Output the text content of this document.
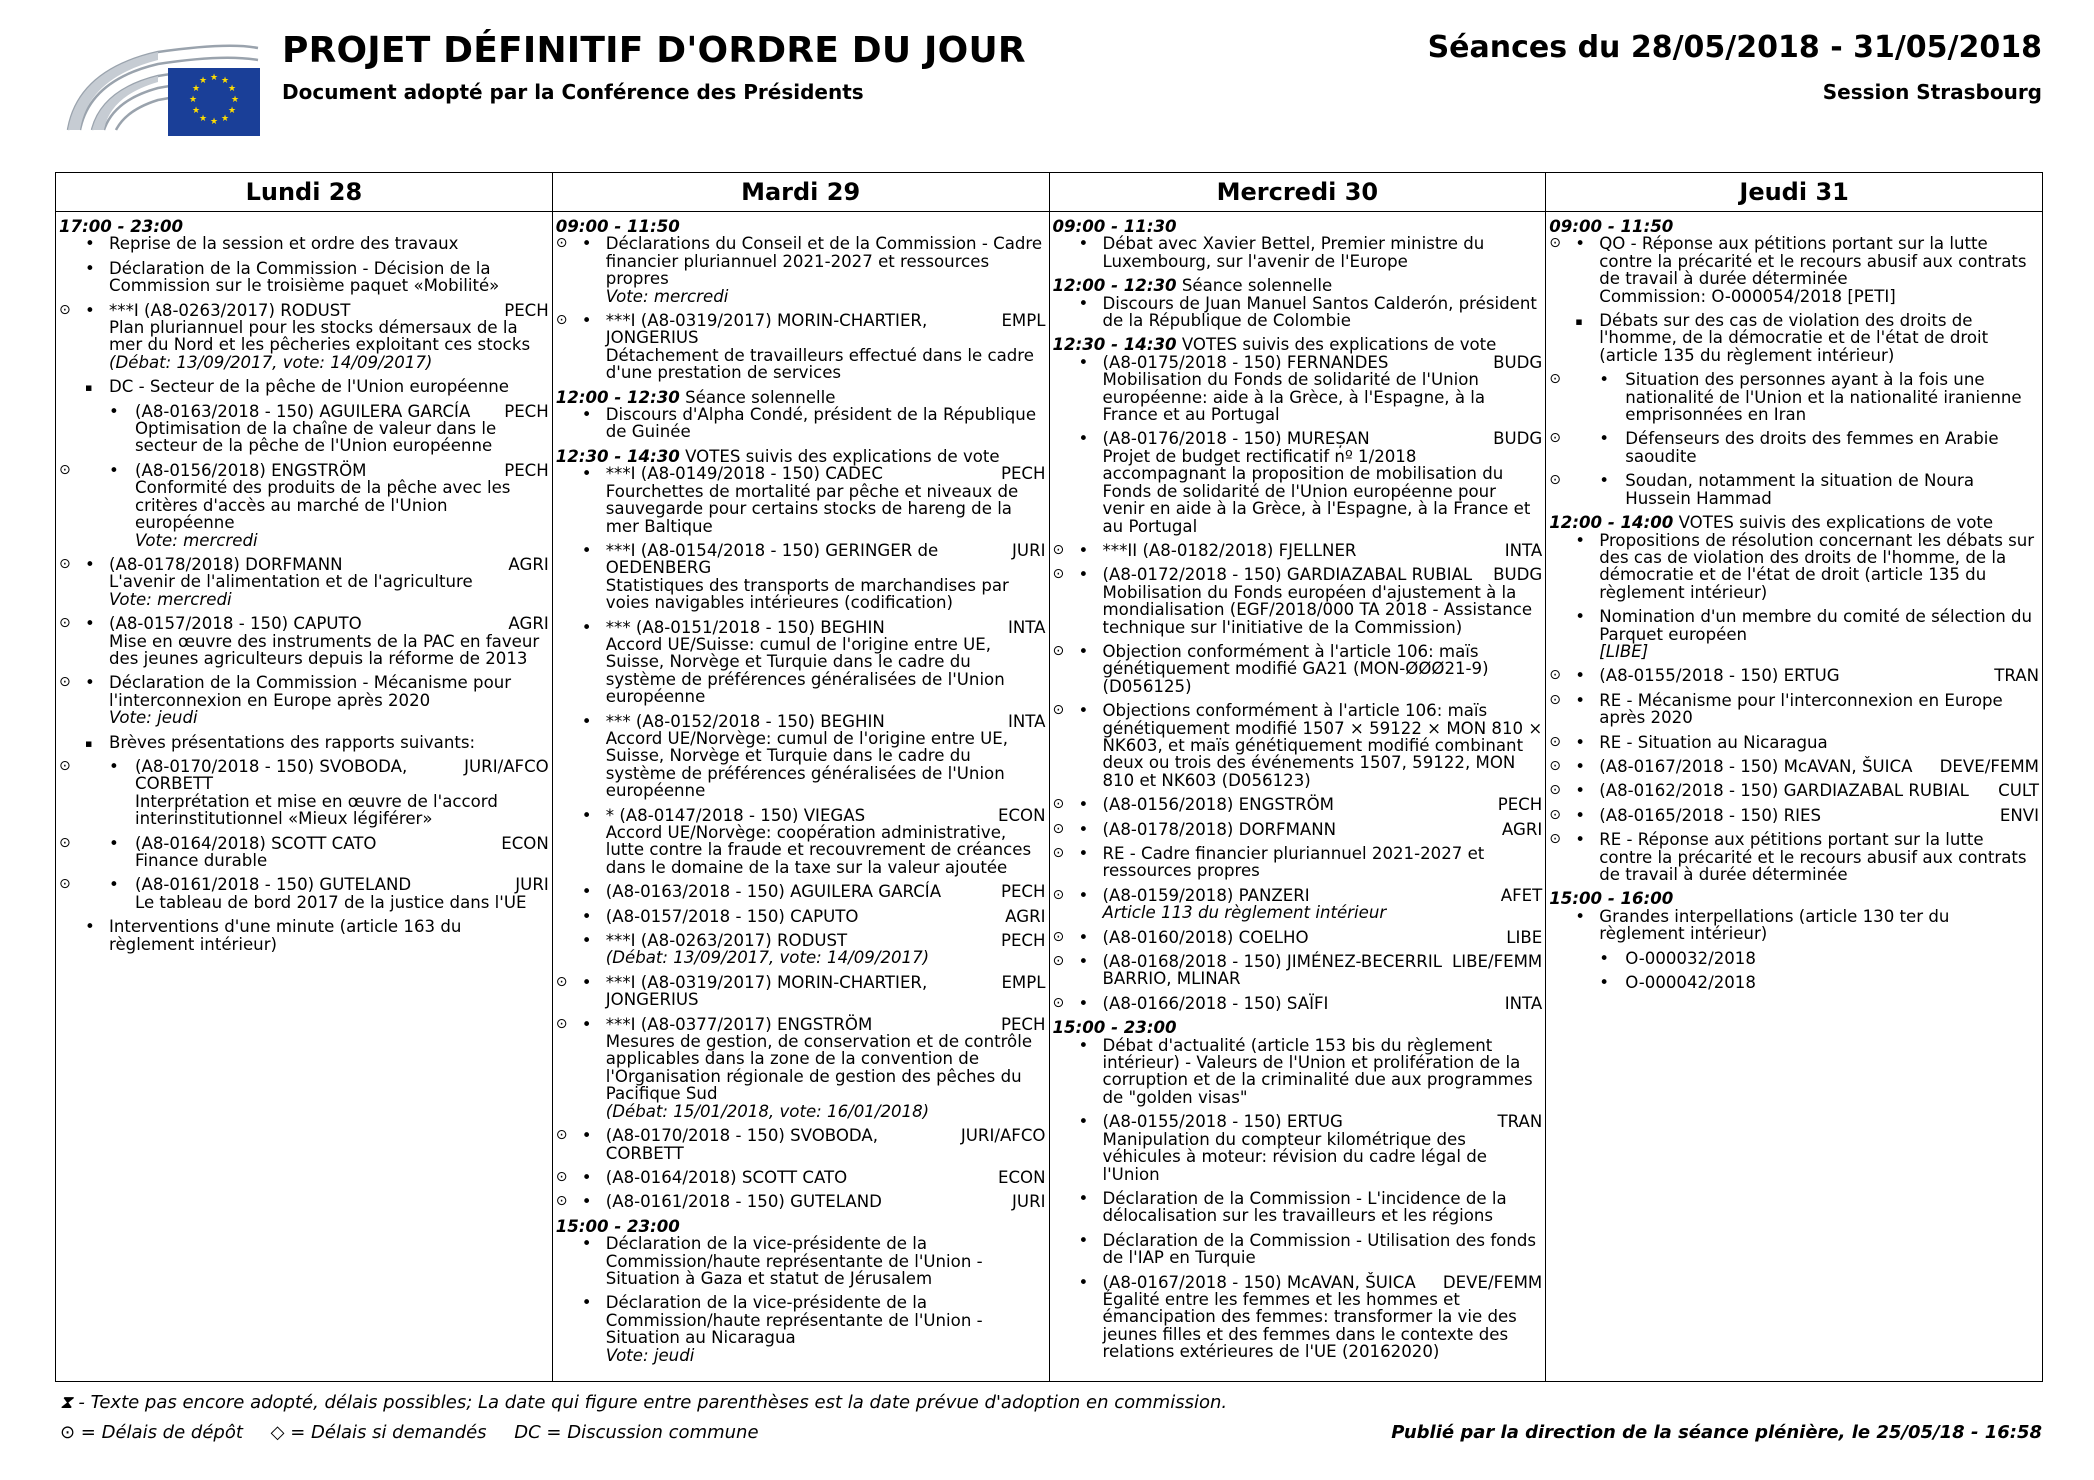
★ ★
★
★
★
★
★
★
★
★
★
★
PROJET DÉFINITIF D'ORDRE DU JOUR
Document adopté par la Conférence des Présidents
Séances du 28/05/2018 - 31/05/2018
Session Strasbourg
Lundi 28
17:00 - 23:00
• Reprise de la session et ordre des travaux
• Déclaration de la Commission - Décision de la Commission sur le troisième paquet «Mobilité»
⊙ • ***I (A8-0263/2017) RODUST	PECH
Plan pluriannuel pour les stocks démersaux de la mer du Nord et les pêcheries exploitant ces stocks
(Débat: 13/09/2017, vote: 14/09/2017)
▪ DC - Secteur de la pêche de l'Union européenne
• (A8-0163/2018 - 150) AGUILERA GARCÍA	PECH
Optimisation de la chaîne de valeur dans le secteur de la pêche de l'Union européenne
⊙ • (A8-0156/2018) ENGSTRÖM	PECH
Conformité des produits de la pêche avec les critères d'accès au marché de l'Union européenne
Vote: mercredi
⊙ • (A8-0178/2018) DORFMANN	AGRI
L'avenir de l'alimentation et de l'agriculture
Vote: mercredi
⊙ • (A8-0157/2018 - 150) CAPUTO	AGRI
Mise en œuvre des instruments de la PAC en faveur des jeunes agriculteurs depuis la réforme de 2013
⊙ • Déclaration de la Commission - Mécanisme pour l'interconnexion en Europe après 2020
Vote: jeudi
▪ Brèves présentations des rapports suivants:
⊙ • (A8-0170/2018 - 150) SVOBODA, CORBETT
JURI/AFCO
Interprétation et mise en œuvre de l'accord interinstitutionnel «Mieux légiférer»
⊙ • (A8-0164/2018) SCOTT CATO	ECON
Finance durable
⊙ • (A8-0161/2018 - 150) GUTELAND	JURI
Le tableau de bord 2017 de la justice dans l'UE
• Interventions d'une minute (article 163 du règlement intérieur)
Mardi 29
09:00 - 11:50
⊙ • Déclarations du Conseil et de la Commission - Cadre financier pluriannuel 2021-2027 et ressources propres
Vote: mercredi
⊙ • ***I (A8-0319/2017) MORIN-CHARTIER, JONGERIUS
EMPL
Détachement de travailleurs effectué dans le cadre d'une prestation de services
12:00 - 12:30 Séance solennelle
• Discours d'Alpha Condé, président de la République de Guinée
12:30 - 14:30 VOTES suivis des explications de vote
• ***I (A8-0149/2018 - 150) CADEC	PECH
Fourchettes de mortalité par pêche et niveaux de sauvegarde pour certains stocks de hareng de la mer Baltique
• ***I (A8-0154/2018 - 150) GERINGER de OEDENBERG
JURI
Statistiques des transports de marchandises par voies navigables intérieures (codification)
• *** (A8-0151/2018 - 150) BEGHIN	INTA
Accord UE/Suisse: cumul de l'origine entre UE, Suisse, Norvège et Turquie dans le cadre du système de préférences généralisées de l'Union européenne
• *** (A8-0152/2018 - 150) BEGHIN	INTA
Accord UE/Norvège: cumul de l'origine entre UE, Suisse, Norvège et Turquie dans le cadre du système de préférences généralisées de l'Union européenne
• * (A8-0147/2018 - 150) VIEGAS	ECON
Accord UE/Norvège: coopération administrative, lutte contre la fraude et recouvrement de créances dans le domaine de la taxe sur la valeur ajoutée
• (A8-0163/2018 - 150) AGUILERA GARCÍA	PECH
• (A8-0157/2018 - 150) CAPUTO	AGRI
• ***I (A8-0263/2017) RODUST	PECH
(Débat: 13/09/2017, vote: 14/09/2017)
⊙ • ***I (A8-0319/2017) MORIN-CHARTIER, JONGERIUS
EMPL
⊙ • ***I (A8-0377/2017) ENGSTRÖM	PECH
Mesures de gestion, de conservation et de contrôle applicables dans la zone de la convention de l'Organisation régionale de gestion des pêches du Pacifique Sud
(Débat: 15/01/2018, vote: 16/01/2018)
⊙ • (A8-0170/2018 - 150) SVOBODA, CORBETT
JURI/AFCO
⊙ • (A8-0164/2018) SCOTT CATO	ECON
⊙ • (A8-0161/2018 - 150) GUTELAND	JURI
15:00 - 23:00
• Déclaration de la vice-présidente de la Commission/haute représentante de l'Union - Situation à Gaza et statut de Jérusalem
• Déclaration de la vice-présidente de la Commission/haute représentante de l'Union - Situation au Nicaragua
Vote: jeudi
Mercredi 30
09:00 - 11:30
• Débat avec Xavier Bettel, Premier ministre du Luxembourg, sur l'avenir de l'Europe
12:00 - 12:30 Séance solennelle
• Discours de Juan Manuel Santos Calderón, président de la République de Colombie
12:30 - 14:30 VOTES suivis des explications de vote
• (A8-0175/2018 - 150) FERNANDES	BUDG
Mobilisation du Fonds de solidarité de l'Union européenne: aide à la Grèce, à l'Espagne, à la France et au Portugal
• (A8-0176/2018 - 150) MUREȘAN	BUDG
Projet de budget rectificatif nº 1/2018 accompagnant la proposition de mobilisation du Fonds de solidarité de l'Union européenne pour venir en aide à la Grèce, à l'Espagne, à la France et au Portugal
⊙ • ***II (A8-0182/2018) FJELLNER	INTA
⊙ • (A8-0172/2018 - 150) GARDIAZABAL RUBIAL	BUDG
Mobilisation du Fonds européen d'ajustement à la mondialisation (EGF/2018/000 TA 2018 - Assistance technique sur l'initiative de la Commission)
⊙ • Objection conformément à l'article 106: maïs génétiquement modifié GA21 (MON-ØØØ21-9) (D056125)
⊙ • Objections conformément à l'article 106: maïs génétiquement modifié 1507 × 59122 × MON 810 × NK603, et maïs génétiquement modifié combinant deux ou trois des événements 1507, 59122, MON 810 et NK603 (D056123)
⊙ • (A8-0156/2018) ENGSTRÖM	PECH
⊙ • (A8-0178/2018) DORFMANN	AGRI
⊙ • RE - Cadre financier pluriannuel 2021-2027 et ressources propres
⊙ • (A8-0159/2018) PANZERI	AFET
Article 113 du règlement intérieur
⊙ • (A8-0160/2018) COELHO	LIBE
⊙ • (A8-0168/2018 - 150) JIMÉNEZ-BECERRIL BARRIO, MLINAR
LIBE/FEMM
⊙ • (A8-0166/2018 - 150) SAÏFI	INTA
15:00 - 23:00
• Débat d'actualité (article 153 bis du règlement intérieur) - Valeurs de l'Union et prolifération de la corruption et de la criminalité due aux programmes de "golden visas"
• (A8-0155/2018 - 150) ERTUG	TRAN
Manipulation du compteur kilométrique des véhicules à moteur: révision du cadre légal de l'Union
• Déclaration de la Commission - L'incidence de la délocalisation sur les travailleurs et les régions
• Déclaration de la Commission - Utilisation des fonds de l'IAP en Turquie
• (A8-0167/2018 - 150) McAVAN, ŠUICA	DEVE/FEMM
Égalité entre les femmes et les hommes et émancipation des femmes: transformer la vie des jeunes filles et des femmes dans le contexte des relations extérieures de l'UE (20162020)
Jeudi 31
09:00 - 11:50
⊙ • QO - Réponse aux pétitions portant sur la lutte contre la précarité et le recours abusif aux contrats de travail à durée déterminée
Commission: O-000054/2018 [PETI]
▪ Débats sur des cas de violation des droits de l'homme, de la démocratie et de l'état de droit (article 135 du règlement intérieur)
⊙ • Situation des personnes ayant à la fois une nationalité de l'Union et la nationalité iranienne emprisonnées en Iran
⊙ • Défenseurs des droits des femmes en Arabie saoudite
⊙ • Soudan, notamment la situation de Noura Hussein Hammad
12:00 - 14:00 VOTES suivis des explications de vote
• Propositions de résolution concernant les débats sur des cas de violation des droits de l'homme, de la démocratie et de l'état de droit (article 135 du règlement intérieur)
• Nomination d'un membre du comité de sélection du Parquet européen
[LIBE]
⊙ • (A8-0155/2018 - 150) ERTUG	TRAN
⊙ • RE - Mécanisme pour l'interconnexion en Europe après 2020
⊙ • RE - Situation au Nicaragua
⊙ • (A8-0167/2018 - 150) McAVAN, ŠUICA	DEVE/FEMM
⊙ • (A8-0162/2018 - 150) GARDIAZABAL RUBIAL	CULT
⊙ • (A8-0165/2018 - 150) RIES	ENVI
⊙ • RE - Réponse aux pétitions portant sur la lutte contre la précarité et le recours abusif aux contrats de travail à durée déterminée
15:00 - 16:00
• Grandes interpellations (article 130 ter du règlement intérieur)
• O-000032/2018
• O-000042/2018
⧗ - Texte pas encore adopté, délais possibles; La date qui figure entre parenthèses est la date prévue d'adoption en commission.
⊙ = Délais de dépôt ◇ = Délais si demandés DC = Discussion commune	Publié par la direction de la séance plénière, le 25/05/18 - 16:58
